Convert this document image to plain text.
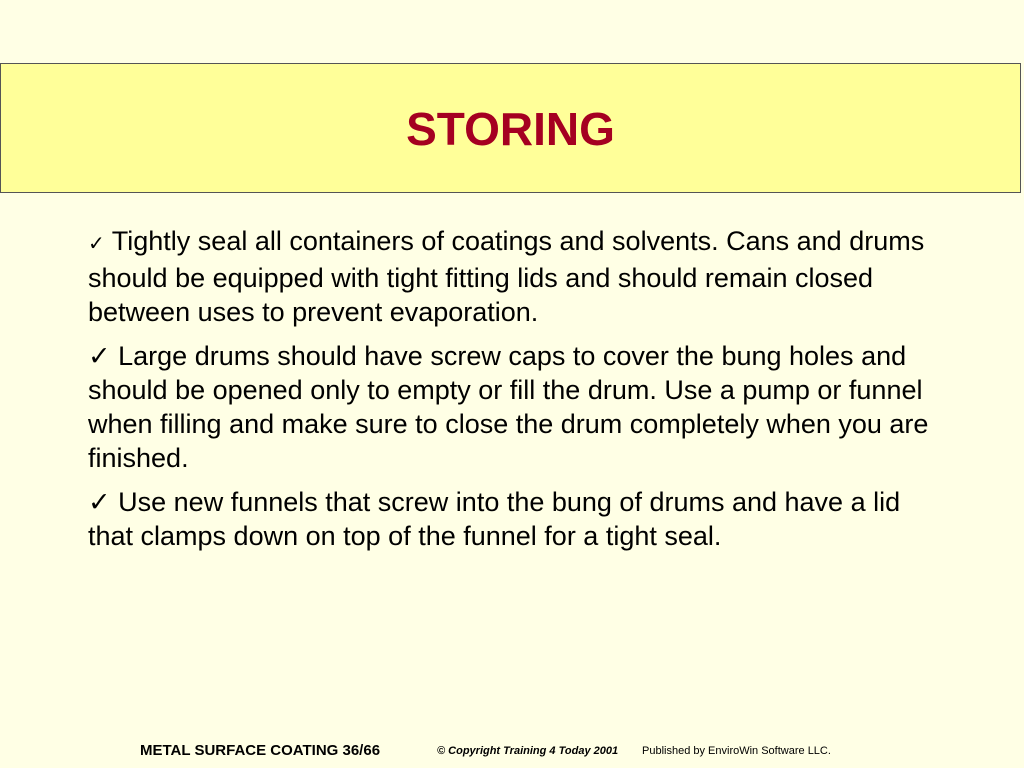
STORING

✓ Tightly seal all containers of coatings and solvents. Cans and drums should be equipped with tight fitting lids and should remain closed between uses to prevent evaporation.

✓ Large drums should have screw caps to cover the bung holes and should be opened only to empty or fill the drum. Use a pump or funnel when filling and make sure to close the drum completely when you are finished.

✓ Use new funnels that screw into the bung of drums and have a lid that clamps down on top of the funnel for a tight seal.

METAL SURFACE COATING 36/66	© Copyright Training 4 Today 2001 Published by EnviroWin Software LLC.
